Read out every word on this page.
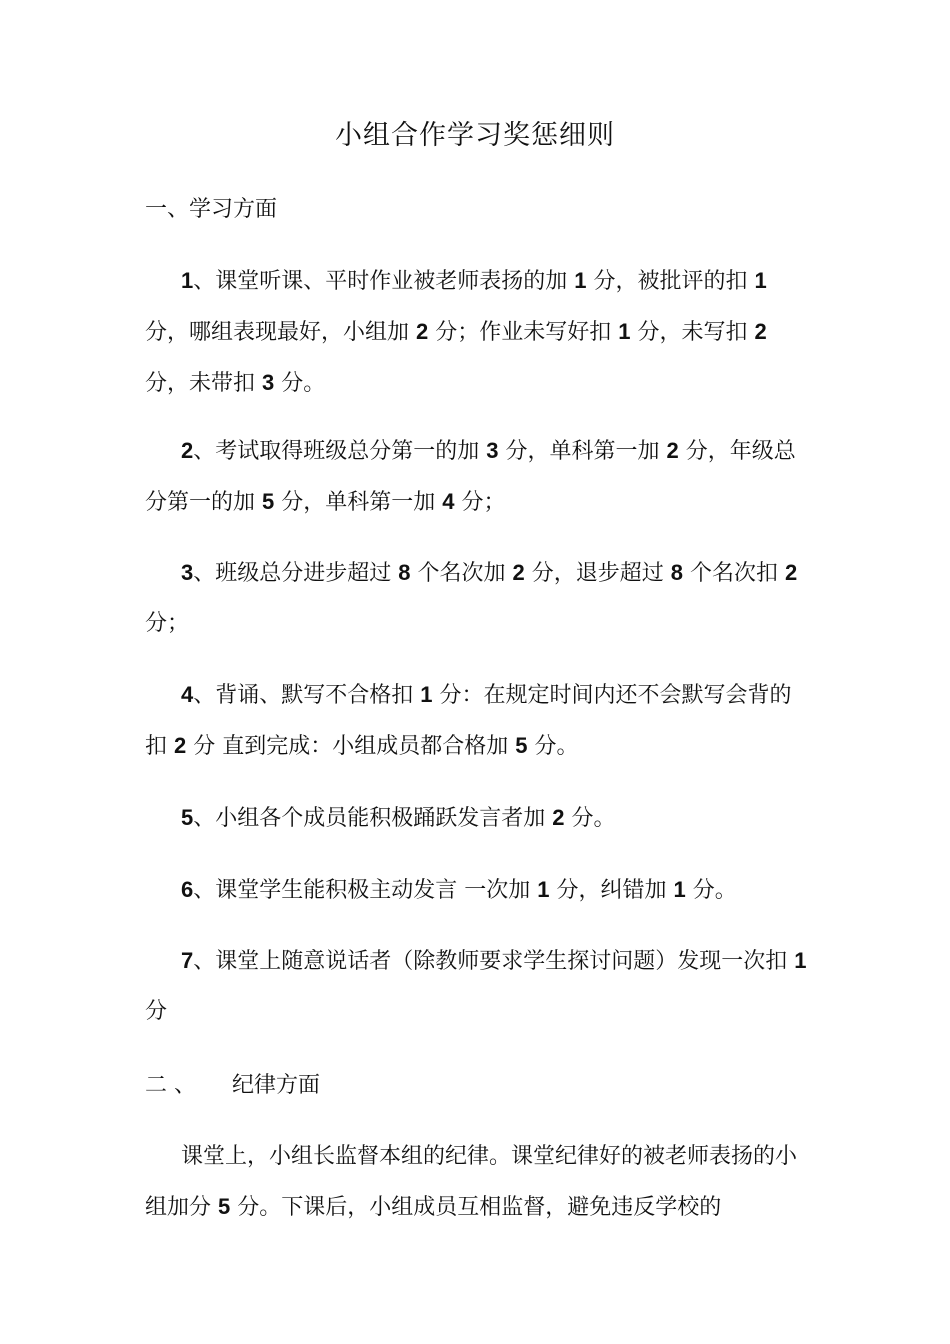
小组合作学习奖惩细则
一、学习方面
1、课堂听课、平时作业被老师表扬的加 1 分，被批评的扣 1 分，哪组表现最好，小组加 2 分；作业未写好扣 1 分，未写扣 2 分，未带扣 3 分。
2、考试取得班级总分第一的加 3 分，单科第一加 2 分，年级总分第一的加 5 分，单科第一加 4 分；
3、班级总分进步超过 8 个名次加 2 分，退步超过 8 个名次扣 2 分；
4、背诵、默写不合格扣 1 分：在规定时间内还不会默写会背的扣 2 分 直到完成：小组成员都合格加 5 分。
5、小组各个成员能积极踊跃发言者加 2 分。
6、课堂学生能积极主动发言 一次加 1 分，纠错加 1 分。
7、课堂上随意说话者（除教师要求学生探讨问题）发现一次扣 1 分
二 、 纪律方面
课堂上，小组长监督本组的纪律。课堂纪律好的被老师表扬的小组加分 5 分。下课后，小组成员互相监督，避免违反学校的
